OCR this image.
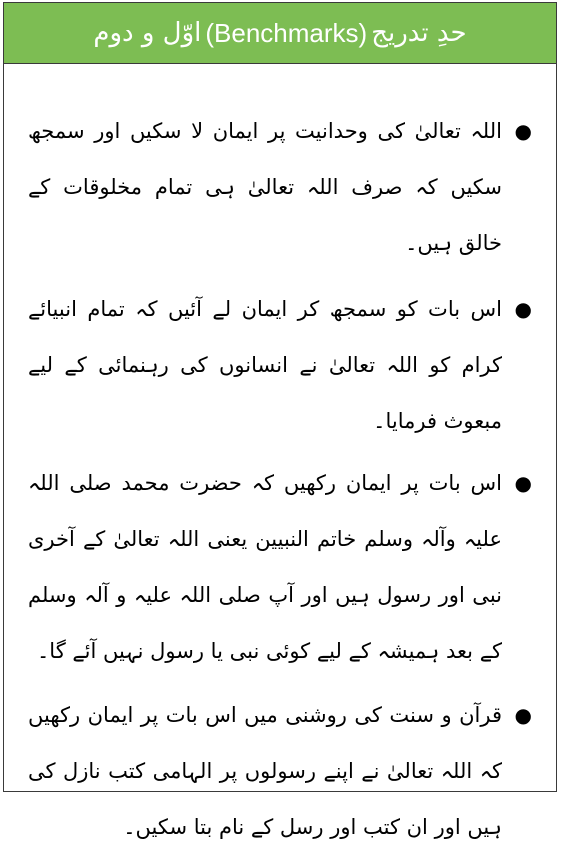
حدِ تدریج
(Benchmarks)
اوّل و دوم
●

اللہ تعالیٰ کی وحدانیت پر ایمان لا سکیں اور سمجھ سکیں کہ صرف اللہ تعالیٰ ہی تمام مخلوقات کے خالق ہیں۔

●

اس بات کو سمجھ کر ایمان لے آئیں کہ تمام انبیائے کرام کو اللہ تعالیٰ نے انسانوں کی رہنمائی کے لیے مبعوث فرمایا۔

●

اس بات پر ایمان رکھیں کہ حضرت محمد صلی اللہ علیہ وآلہ وسلم خاتم النبیین یعنی اللہ تعالیٰ کے آخری نبی اور رسول ہیں اور آپ صلی اللہ علیہ و آلہ وسلم کے بعد ہمیشہ کے لیے کوئی نبی یا رسول نہیں آئے گا۔

●

قرآن و سنت کی روشنی میں اس بات پر ایمان رکھیں کہ اللہ تعالیٰ نے اپنے رسولوں پر الہامی کتب نازل کی ہیں اور ان کتب اور رسل کے نام بتا سکیں۔
